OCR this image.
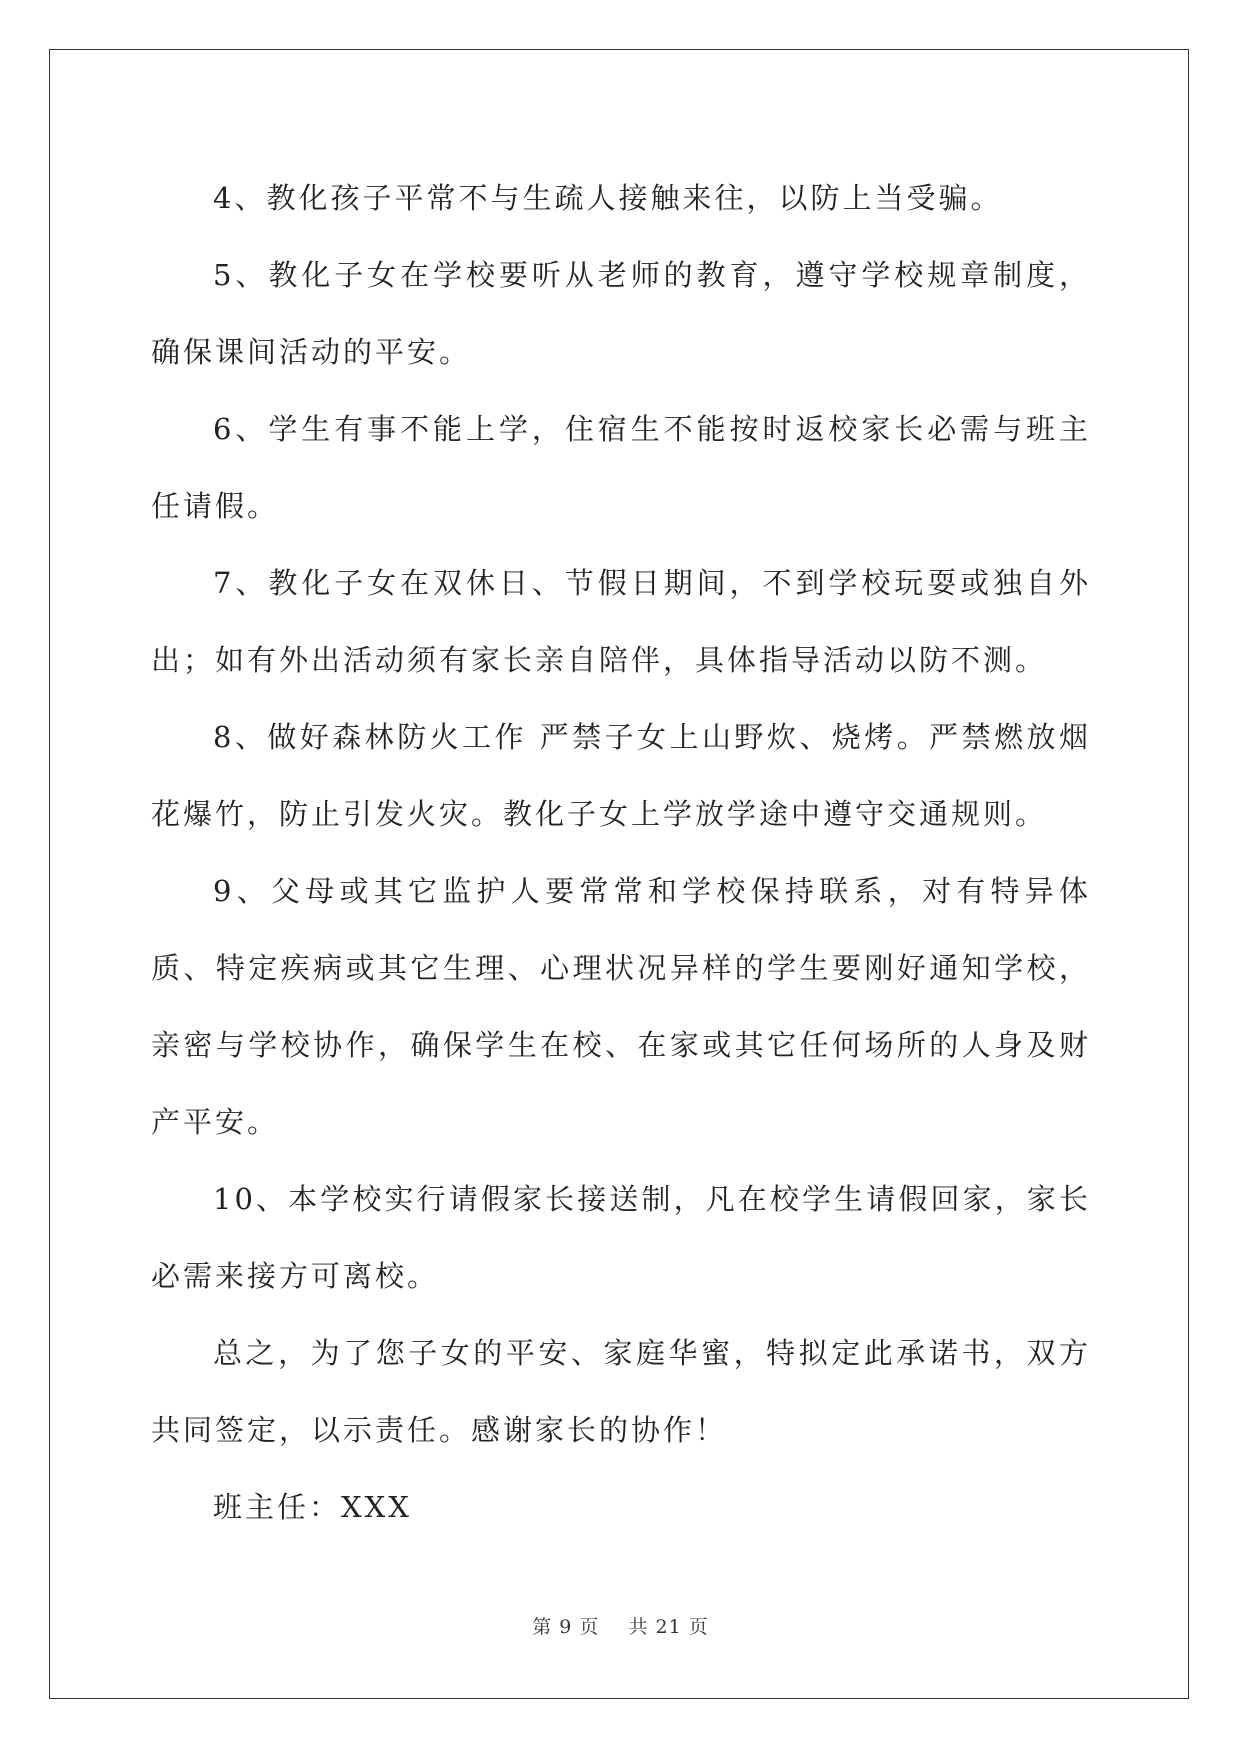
4、教化孩子平常不与生疏人接触来往，以防上当受骗。

5、教化子女在学校要听从老师的教育，遵守学校规章制度，确保课间活动的平安。

6、学生有事不能上学，住宿生不能按时返校家长必需与班主任请假。

7、教化子女在双休日、节假日期间，不到学校玩耍或独自外出；如有外出活动须有家长亲自陪伴，具体指导活动以防不测。

8、做好森林防火工作 严禁子女上山野炊、烧烤。严禁燃放烟花爆竹，防止引发火灾。教化子女上学放学途中遵守交通规则。

9、父母或其它监护人要常常和学校保持联系，对有特异体质、特定疾病或其它生理、心理状况异样的学生要刚好通知学校，亲密与学校协作，确保学生在校、在家或其它任何场所的人身及财产平安。

10、本学校实行请假家长接送制，凡在校学生请假回家，家长必需来接方可离校。

总之，为了您子女的平安、家庭华蜜，特拟定此承诺书，双方共同签定，以示责任。感谢家长的协作！

班主任：XXX

第 9 页 共 21 页
